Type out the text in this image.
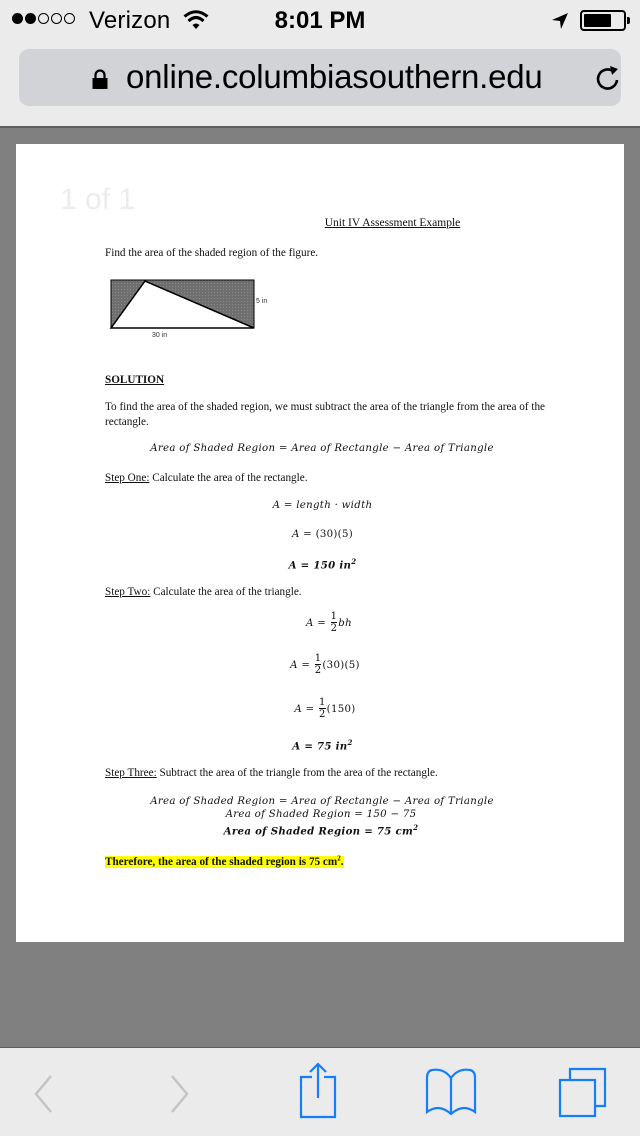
Verizon	8:01 PM
online.columbiasouthern.edu
1 of 1
Unit IV Assessment Example
Find the area of the shaded region of the figure.
5 in
30 in
SOLUTION
To find the area of the shaded region, we must subtract the area of the triangle from the area of the rectangle.
Area of Shaded Region = Area of Rectangle − Area of Triangle
Step One: Calculate the area of the rectangle.
A = length · width
A = (30)(5)
A = 150 $in^2$
Step Two: Calculate the area of the triangle.
$A = \frac{1}{2}$ bh
$A = \frac{1}{2} (30)(5)$
$A = \frac{1}{2} (150)$
A = 75 $in^2$
Step Three: Subtract the area of the triangle from the area of the rectangle.
Area of Shaded Region = Area of Rectangle − Area of Triangle
Area of Shaded Region = 150 − 75
Area of Shaded Region = 75 $cm^2$
Therefore, the area of the shaded region is 75 $cm^2$.
